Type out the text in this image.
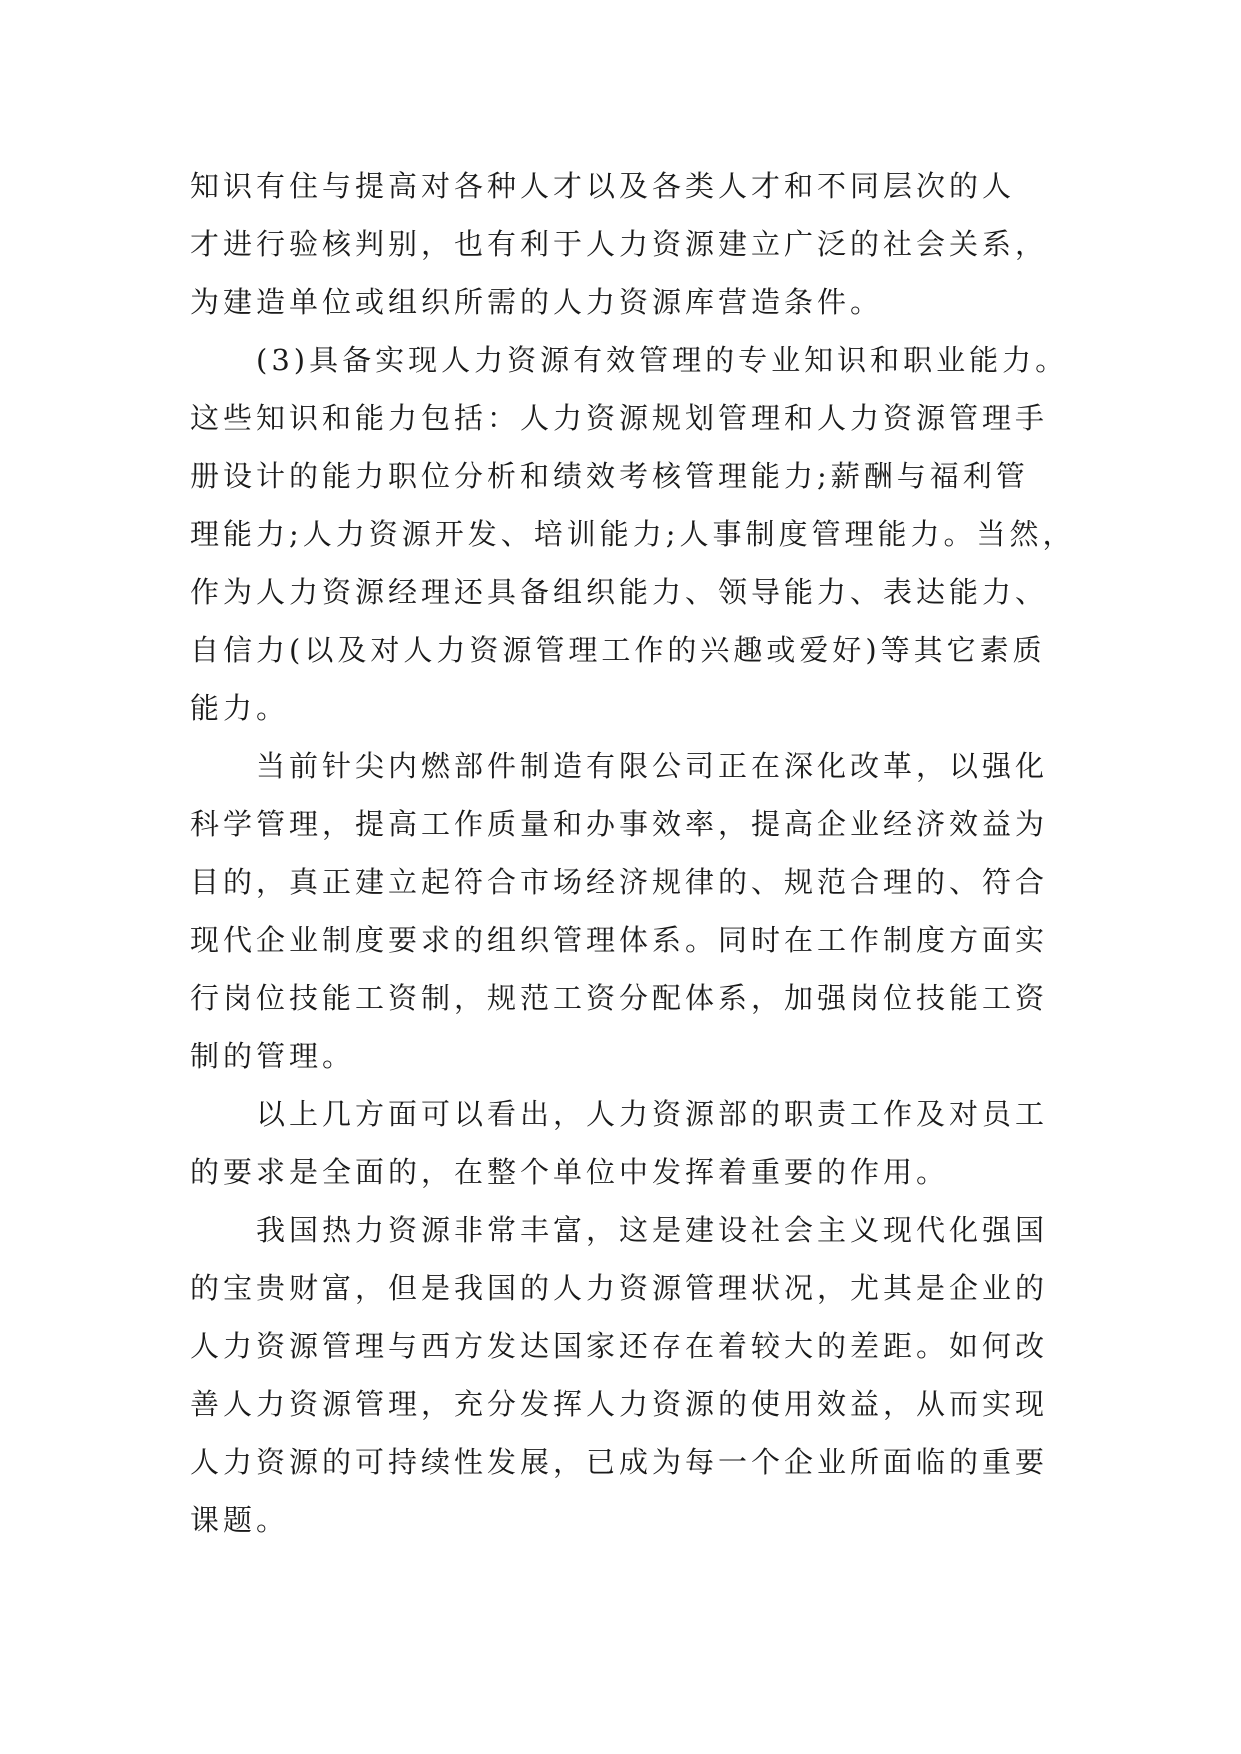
知识有住与提高对各种人才以及各类人才和不同层次的人
才进行验核判别，也有利于人力资源建立广泛的社会关系，
为建造单位或组织所需的人力资源库营造条件。
(3)具备实现人力资源有效管理的专业知识和职业能力。
这些知识和能力包括：人力资源规划管理和人力资源管理手
册设计的能力职位分析和绩效考核管理能力;薪酬与福利管
理能力;人力资源开发、培训能力;人事制度管理能力。当然，
作为人力资源经理还具备组织能力、领导能力、表达能力、
自信力(以及对人力资源管理工作的兴趣或爱好)等其它素质
能力。
当前针尖内燃部件制造有限公司正在深化改革，以强化
科学管理，提高工作质量和办事效率，提高企业经济效益为
目的，真正建立起符合市场经济规律的、规范合理的、符合
现代企业制度要求的组织管理体系。同时在工作制度方面实
行岗位技能工资制，规范工资分配体系，加强岗位技能工资
制的管理。
以上几方面可以看出，人力资源部的职责工作及对员工
的要求是全面的，在整个单位中发挥着重要的作用。
我国热力资源非常丰富，这是建设社会主义现代化强国
的宝贵财富，但是我国的人力资源管理状况，尤其是企业的
人力资源管理与西方发达国家还存在着较大的差距。如何改
善人力资源管理，充分发挥人力资源的使用效益，从而实现
人力资源的可持续性发展，已成为每一个企业所面临的重要
课题。
